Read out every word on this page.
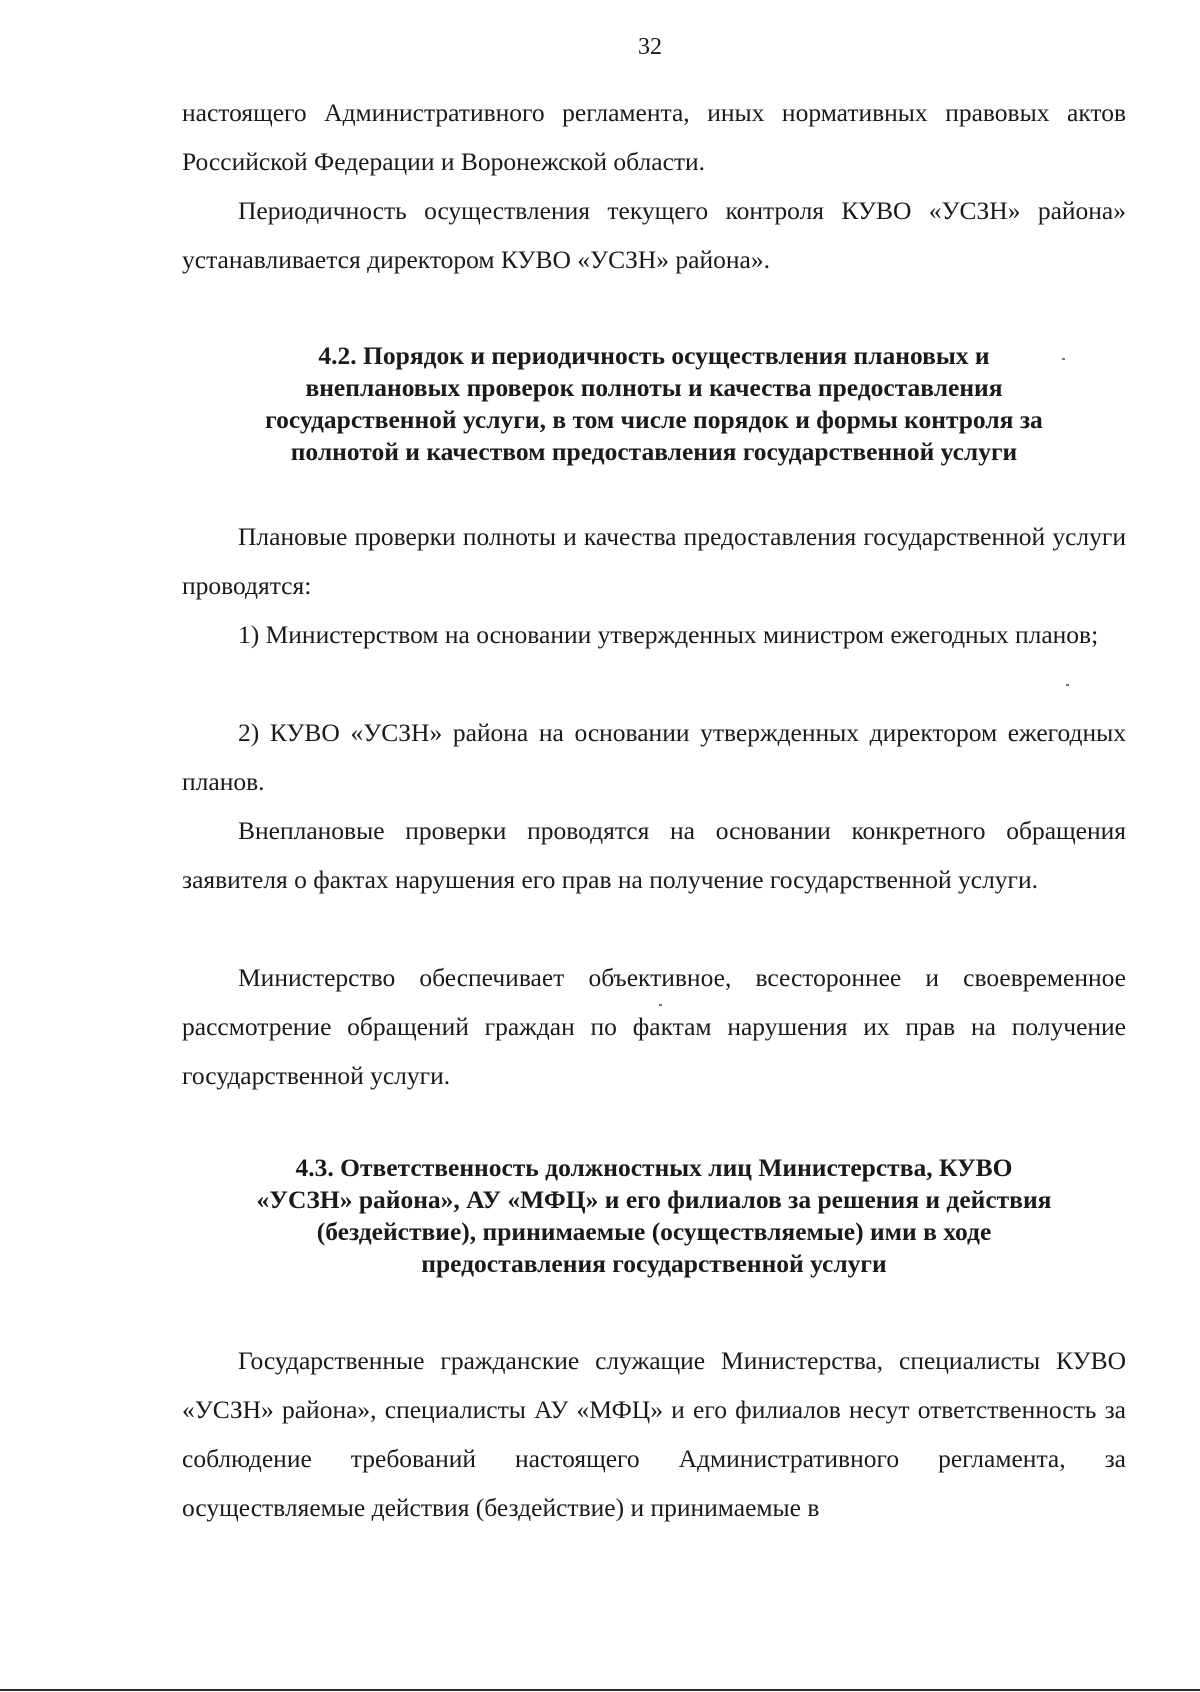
32

настоящего Административного регламента, иных нормативных правовых актов Российской Федерации и Воронежской области.

Периодичность осуществления текущего контроля КУВО «УСЗН» района» устанавливается директором КУВО «УСЗН» района».

4.2. Порядок и периодичность осуществления плановых и
внеплановых проверок полноты и качества предоставления
государственной услуги, в том числе порядок и формы контроля за
полнотой и качеством предоставления государственной услуги

Плановые проверки полноты и качества предоставления государственной услуги проводятся:

1) Министерством на основании утвержденных министром ежегодных планов;

2) КУВО «УСЗН» района на основании утвержденных директором ежегодных планов.

Внеплановые проверки проводятся на основании конкретного обращения заявителя о фактах нарушения его прав на получение государственной услуги.

Министерство обеспечивает объективное, всестороннее и своевременное рассмотрение обращений граждан по фактам нарушения их прав на получение государственной услуги.

4.3. Ответственность должностных лиц Министерства, КУВО
«УСЗН» района», АУ «МФЦ» и его филиалов за решения и действия
(бездействие), принимаемые (осуществляемые) ими в ходе
предоставления государственной услуги

Государственные гражданские служащие Министерства, специалисты КУВО «УСЗН» района», специалисты АУ «МФЦ» и его филиалов несут ответственность за соблюдение требований настоящего Административного регламента, за осуществляемые действия (бездействие) и принимаемые в
